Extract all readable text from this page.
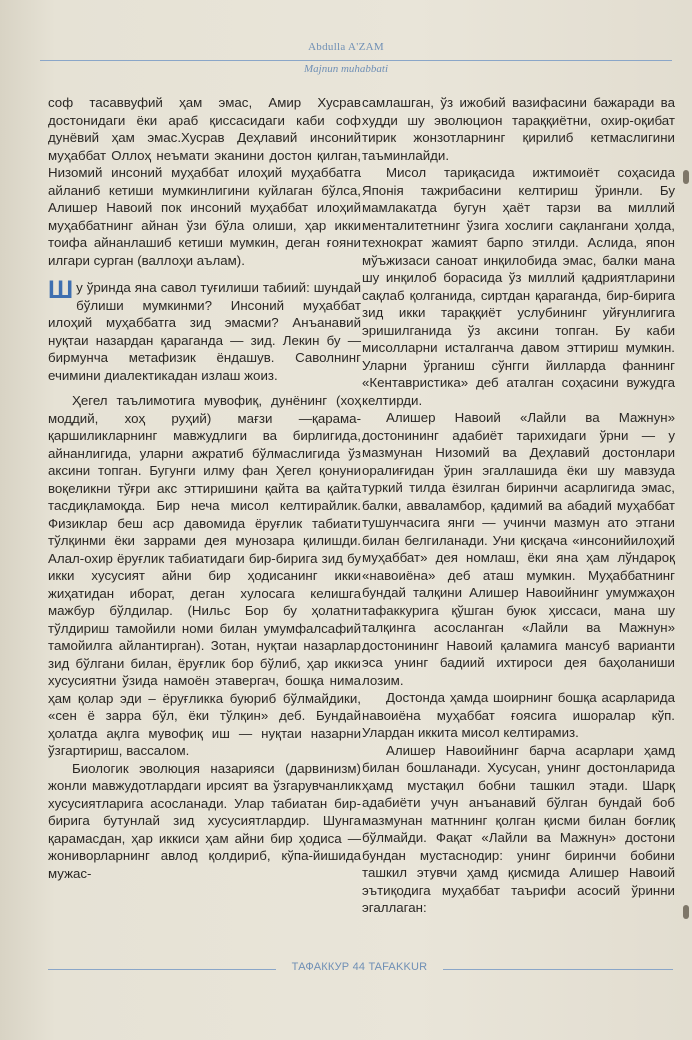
Abdulla A'ZAM
Majnun muhabbati

соф тасаввуфий ҳам эмас, Амир Хусрав достонидаги ёки араб қиссасидаги каби соф дунёвий ҳам эмас.Хусрав Деҳлавий инсоний муҳаббат Оллоҳ неъмати эканини достон қилган, Низомий инсоний муҳаббат илоҳий муҳаббатга айланиб кетиши мумкинлигини куйлаган бўлса, Алишер Навоий пок инсоний муҳаббат илоҳий муҳаббатнинг айнан ўзи бўла олиши, ҳар икки тоифа айнанлашиб кетиши мумкин, деган ғояни илгари сурган (валлоҳи аълам).

Шу ўринда яна савол туғилиши табиий: шундай бўлиши мумкинми? Инсоний муҳаббат илоҳий муҳаббатга зид эмасми? Анъанавий нуқтаи назардан қараганда — зид. Лекин бу — бирмунча метафизик ёндашув. Саволнинг ечимини диалектикадан излаш жоиз.

Ҳегел таълимотига мувофиқ, дунёнинг (хоҳ моддий, хоҳ руҳий) мағзи —қарама-қаршиликларнинг мавжудлиги ва бирлигида, айнанлигида, уларни ажратиб бўлмаслигида ўз аксини топган. Бугунги илму фан Ҳегел қонуни воқеликни тўғри акс эттиришини қайта ва қайта тасдиқламоқда. Бир неча мисол келтирайлик. Физиклар беш аср давомида ёруғлик табиати тўлқинми ёки заррами дея мунозара қилишди. Алал-охир ёруғлик табиатидаги бир-бирига зид бу икки хусусият айни бир ҳодисанинг икки жиҳатидан иборат, деган хулосага келишга мажбур бўлдилар. (Нильс Бор бу ҳолатни тўлдириш тамойили номи билан умумфалсафий тамойилга айлантирган). Зотан, нуқтаи назарлар зид бўлгани билан, ёруғлик бор бўлиб, ҳар икки хусусиятни ўзида намоён этавергач, бошқа нима ҳам қолар эди – ёруғликка буюриб бўлмайдики, «сен ё зарра бўл, ёки тўлқин» деб. Бундай ҳолатда ақлга мувофиқ иш — нуқтаи назарни ўзгартириш, вассалом.

Биологик эволюция назарияси (дарвинизм) жонли мавжудотлардаги ирсият ва ўзгарувчанлик хусусиятларига асосланади. Улар табиатан бир-бирига бутунлай зид хусусиятлардир. Шунга қарамасдан, ҳар иккиси ҳам айни бир ҳодиса — жониворларнинг авлод қолдириб, кўпа-йишида мужас-

самлашган, ўз ижобий вазифасини бажаради ва худди шу эволюцион тараққиётни, охир-оқибат тирик жонзотларнинг қирилиб кетмаслигини таъминлайди.

Мисол тариқасида ижтимоиёт соҳасида Японія тажрибасини келтириш ўринли. Бу мамлакатда бугун ҳаёт тарзи ва миллий менталитетнинг ўзига хослиги сақлангани ҳолда, технократ жамият барпо этилди. Аслида, япон мўъжизаси саноат инқилобида эмас, балки мана шу инқилоб борасида ўз миллий қадриятларини сақлаб қолганида, сиртдан қараганда, бир-бирига зид икки тараққиёт услубининг уйғунлигига эришилганида ўз аксини топган. Бу каби мисолларни исталганча давом эттириш мумкин. Уларни ўрганиш сўнгги йилларда фаннинг «Кентавристика» деб аталган соҳасини вужудга келтирди.

Алишер Навоий «Лайли ва Мажнун» достонининг адабиёт тарихидаги ўрни — у мазмунан Низомий ва Деҳлавий достонлари оралиғидан ўрин эгаллашида ёки шу мавзуда туркий тилда ёзилган биринчи асарлигида эмас, балки, авваламбор, қадимий ва абадий муҳаббат тушунчасига янги — учинчи мазмун ато этгани билан белгиланади. Уни қисқача «инсонийилоҳий муҳаббат» дея номлаш, ёки яна ҳам лўндароқ «навоиёна» деб аташ мумкин. Муҳаббатнинг бундай талқини Алишер Навоийнинг умумжаҳон тафаккурига қўшган буюк ҳиссаси, мана шу талқинга асосланган «Лайли ва Мажнун» достонининг Навоий қаламига мансуб варианти эса унинг бадиий ихтироси дея баҳоланиши лозим.

Достонда ҳамда шоирнинг бошқа асарларида навоиёна муҳаббат ғоясига ишоралар кўп. Улардан иккита мисол келтирамиз.

Алишер Навоийнинг барча асарлари ҳамд билан бошланади. Хусусан, унинг достонларида ҳамд мустақил бобни ташкил этади. Шарқ адабиёти учун анъанавий бўлган бундай боб мазмунан матннинг қолган қисми билан боғлиқ бўлмайди. Фақат «Лайли ва Мажнун» достони бундан мустаснодир: унинг биринчи бобини ташкил этувчи ҳамд қисмида Алишер Навоий эътиқодига муҳаббат таърифи асосий ўринни эгаллаган:

ТАФАККУР 44 TAFAKKUR
